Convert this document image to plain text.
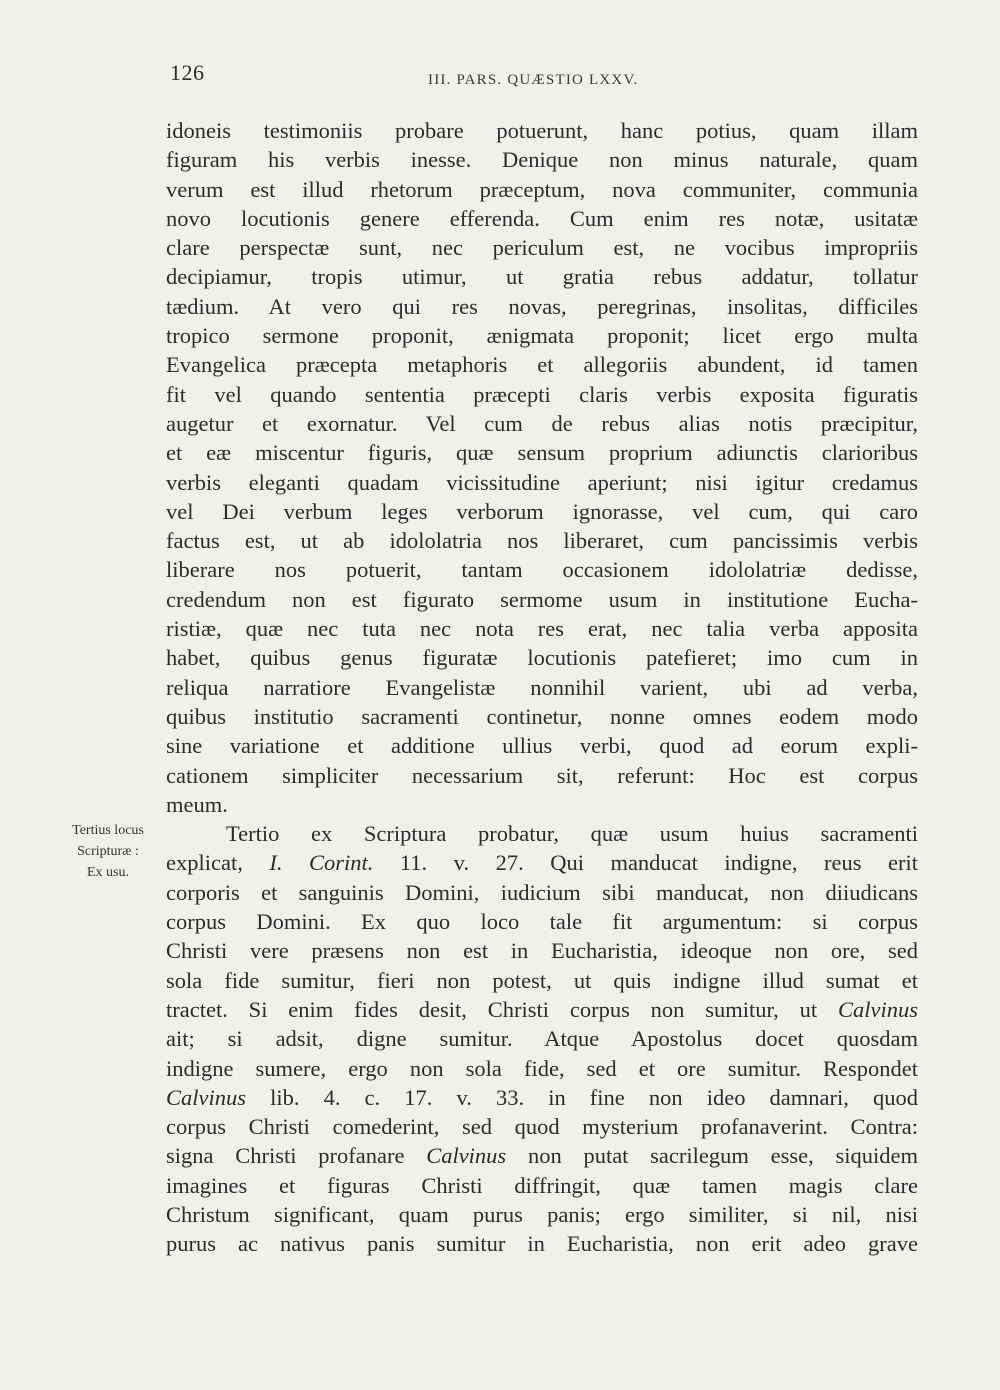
126	III. PARS. QUÆSTIO LXXV.
Tertius locus
Scripturæ :
Ex usu.
idoneis testimoniis probare potuerunt, hanc potius, quam illam
figuram his verbis inesse. Denique non minus naturale, quam
verum est illud rhetorum præceptum, nova communiter, communia
novo locutionis genere efferenda. Cum enim res notæ, usitatæ
clare perspectæ sunt, nec periculum est, ne vocibus impropriis
decipiamur, tropis utimur, ut gratia rebus addatur, tollatur
tædium. At vero qui res novas, peregrinas, insolitas, difficiles
tropico sermone proponit, ænigmata proponit; licet ergo multa
Evangelica præcepta metaphoris et allegoriis abundent, id tamen
fit vel quando sententia præcepti claris verbis exposita figuratis
augetur et exornatur. Vel cum de rebus alias notis præcipitur,
et eæ miscentur figuris, quæ sensum proprium adiunctis clarioribus
verbis eleganti quadam vicissitudine aperiunt; nisi igitur credamus
vel Dei verbum leges verborum ignorasse, vel cum, qui caro
factus est, ut ab idololatria nos liberaret, cum pancissimis verbis
liberare nos potuerit, tantam occasionem idololatriæ dedisse,
credendum non est figurato sermome usum in institutione Eucha-
ristiæ, quæ nec tuta nec nota res erat, nec talia verba apposita
habet, quibus genus figuratæ locutionis patefieret; imo cum in
reliqua narratiore Evangelistæ nonnihil varient, ubi ad verba,
quibus institutio sacramenti continetur, nonne omnes eodem modo
sine variatione et additione ullius verbi, quod ad eorum expli-
cationem simpliciter necessarium sit, referunt: Hoc est corpus
meum.
Tertio ex Scriptura probatur, quæ usum huius sacramenti
explicat, I. Corint. 11. v. 27. Qui manducat indigne, reus erit
corporis et sanguinis Domini, iudicium sibi manducat, non diiudicans
corpus Domini. Ex quo loco tale fit argumentum: si corpus
Christi vere præsens non est in Eucharistia, ideoque non ore, sed
sola fide sumitur, fieri non potest, ut quis indigne illud sumat et
tractet. Si enim fides desit, Christi corpus non sumitur, ut Calvinus
ait; si adsit, digne sumitur. Atque Apostolus docet quosdam
indigne sumere, ergo non sola fide, sed et ore sumitur. Respondet
Calvinus lib. 4. c. 17. v. 33. in fine non ideo damnari, quod
corpus Christi comederint, sed quod mysterium profanaverint. Contra:
signa Christi profanare Calvinus non putat sacrilegum esse, siquidem
imagines et figuras Christi diffringit, quæ tamen magis clare
Christum significant, quam purus panis; ergo similiter, si nil, nisi
purus ac nativus panis sumitur in Eucharistia, non erit adeo grave
